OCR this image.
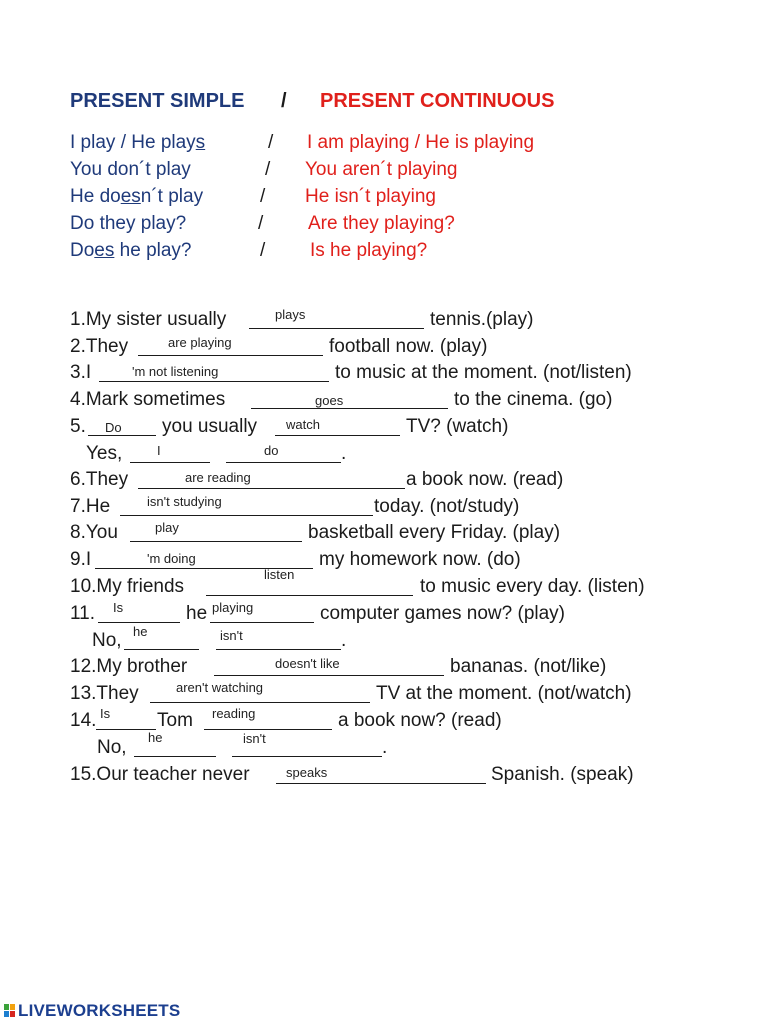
PRESENT SIMPLE / PRESENT CONTINUOUS
I play / He plays	/ I am playing / He is playing
You don´t play	/ You aren´t playing
He doesn´t play	/ He isn´t playing
Do they play?	/ Are they playing?
Does he play?	/ Is he playing?
1.My sister usually	plays	tennis.(play)
2.They	are playing	football now. (play)
3.I	'm not listening	to music at the moment. (not/listen)
4.Mark sometimes	goes	to the cinema. (go)
5. Do you usually watch	TV? (watch)
Yes,	I	do	.
6.They	are reading	a book now. (read)
7.He	isn't studying	today. (not/study)
8.You	play	basketball every Friday. (play)
9.I	'm doing	my homework now. (do)
10.My friends
listen
to music every day. (listen)
11. Is	he playing	computer games now? (play)
No, he	isn't	.
12.My brother	doesn't like	bananas. (not/like)
13.They	aren't watching	TV at the moment. (not/watch)
14. Is Tom reading	a book now? (read)
No, he	isn't	.
15.Our teacher never	speaks	Spanish. (speak)
LIVEWORKSHEETS
